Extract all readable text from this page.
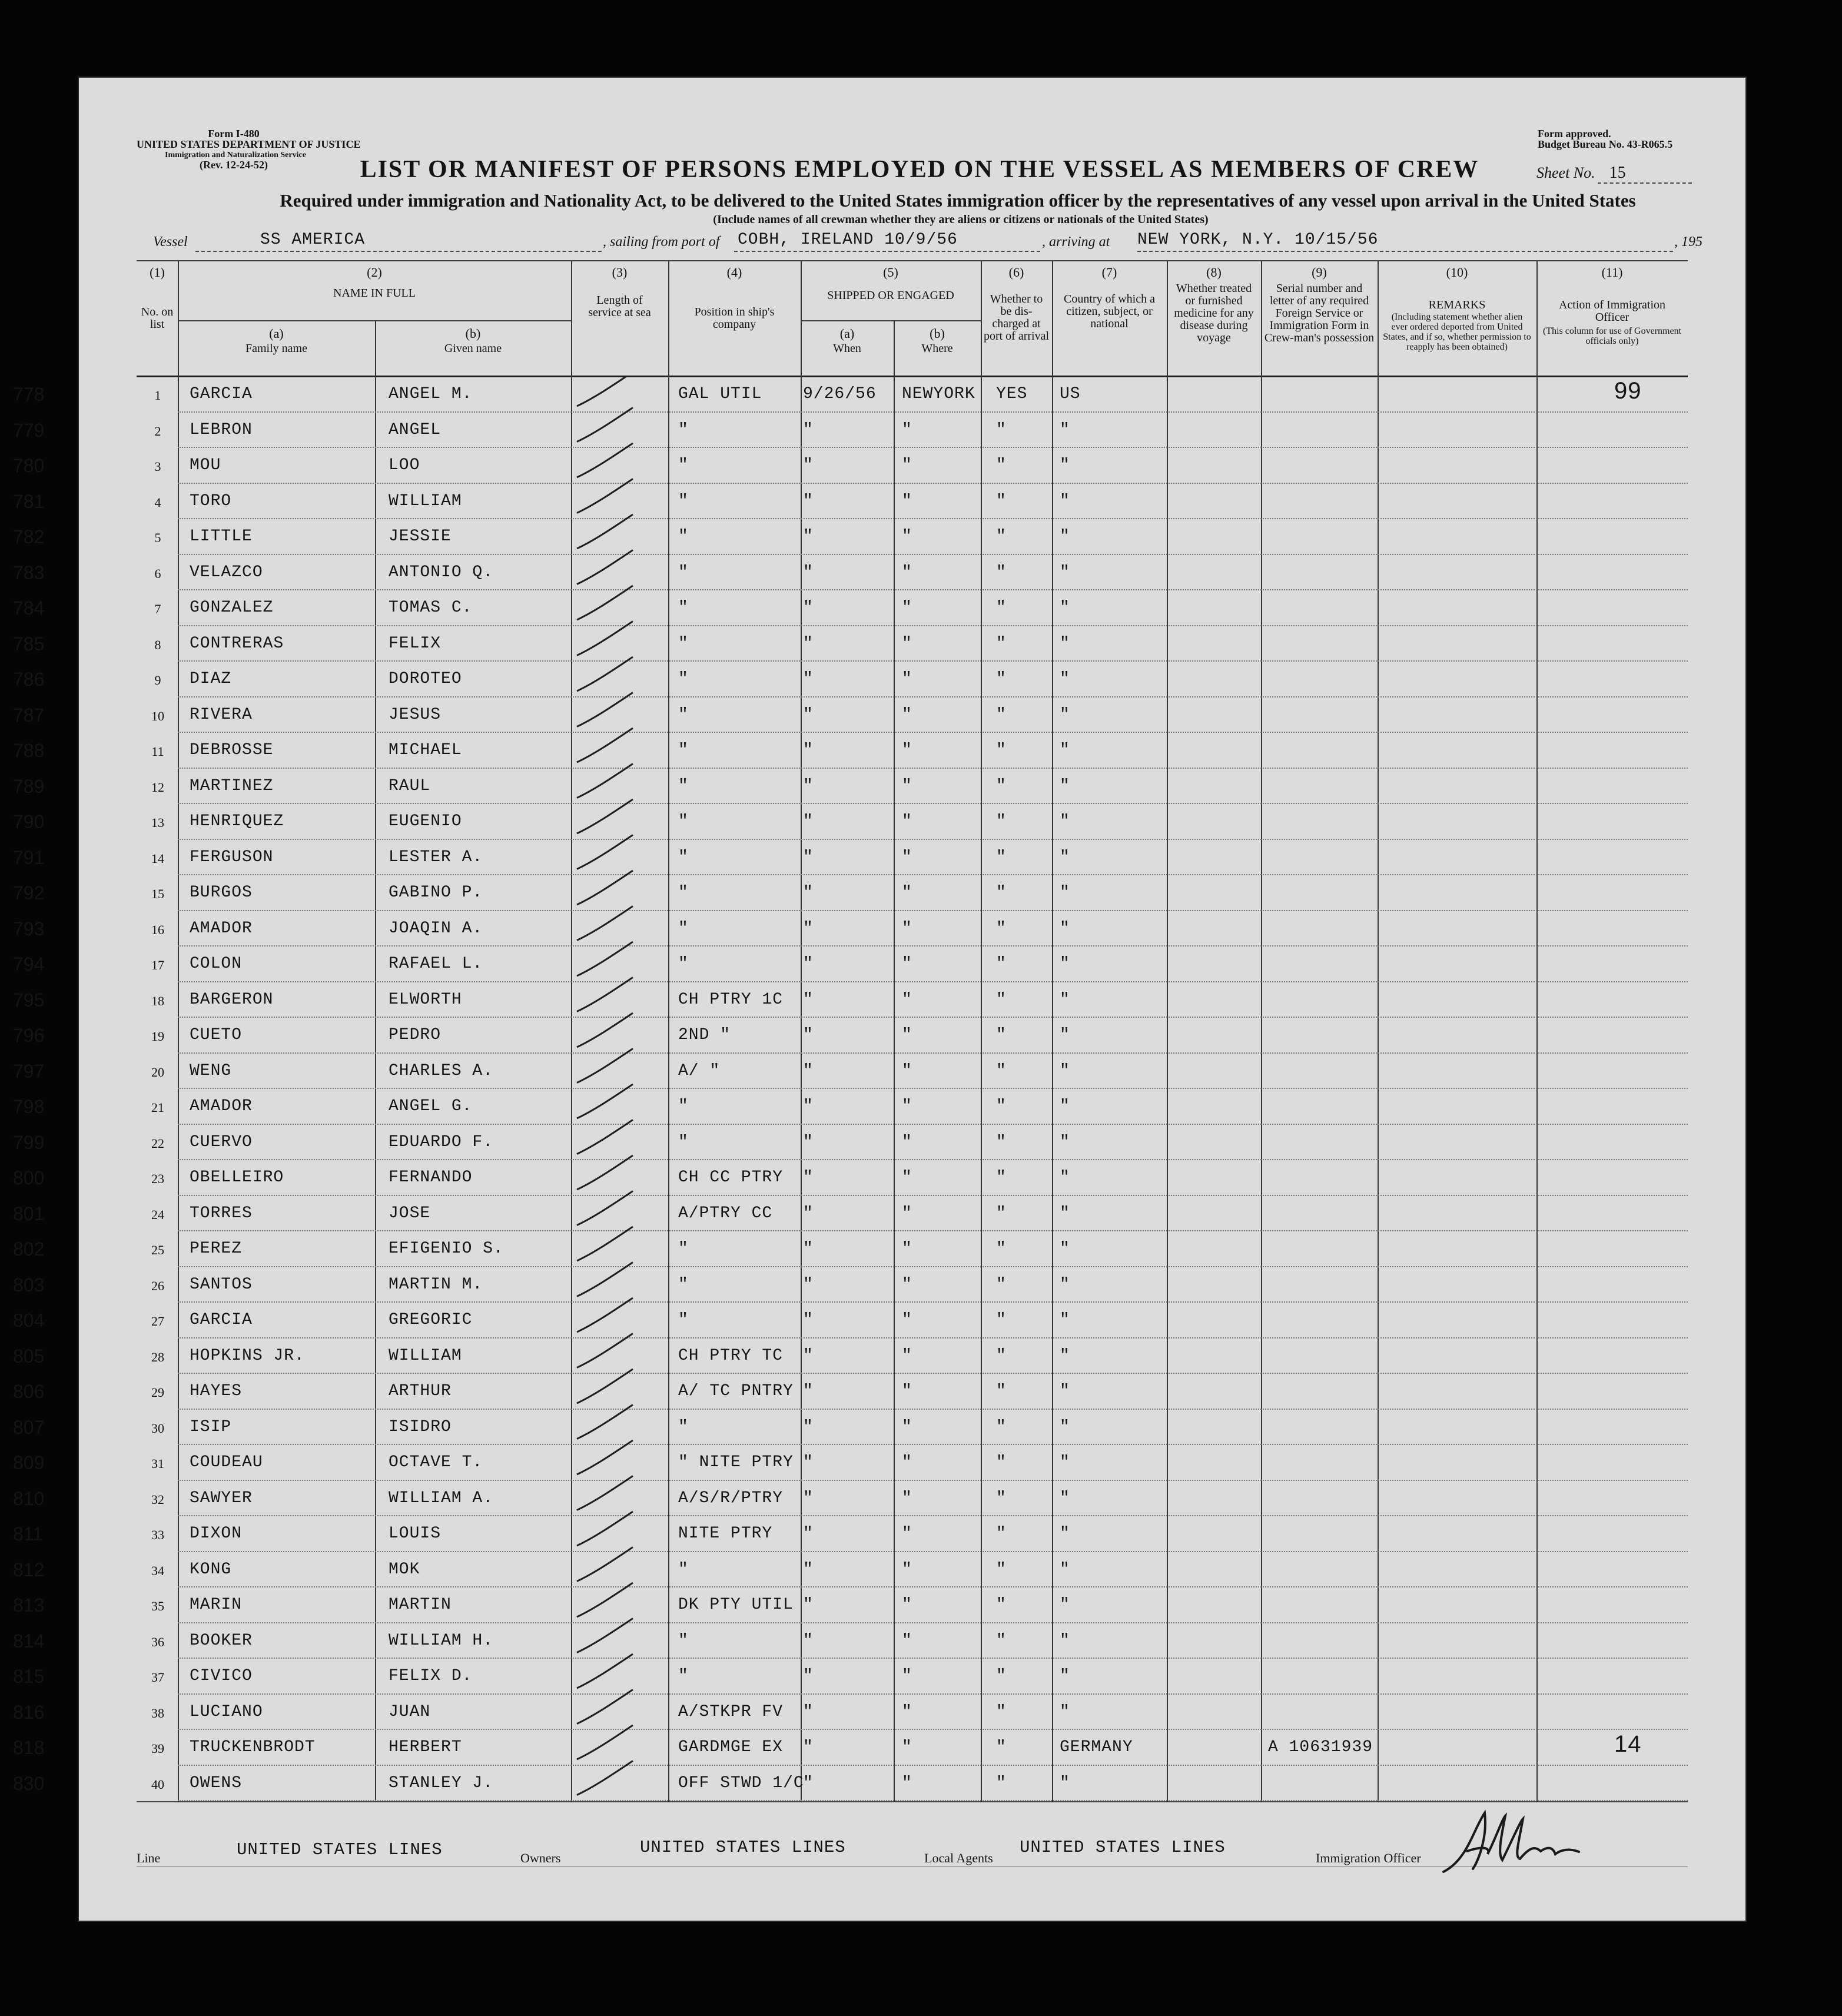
Form I-480
UNITED STATES DEPARTMENT OF JUSTICE
Immigration and Naturalization Service
(Rev. 12-24-52)
Form approved.
Budget Bureau No. 43-R065.5
Sheet No. 15
LIST OR MANIFEST OF PERSONS EMPLOYED ON THE VESSEL AS MEMBERS OF CREW
Required under immigration and Nationality Act, to be delivered to the United States immigration officer by the representatives of any vessel upon arrival in the United States
(Include names of all crewman whether they are aliens or citizens or nationals of the United States)
Vessel	SS AMERICA	, sailing from port of COBH, IRELAND 10/9/56	, arriving at NEW YORK, N.Y. 10/15/56	, 195
(1)
No. on list
(2)
NAME IN FULL
(a)
Family name
(b)
Given name
(3)
Length of service at sea
(4)
Position in ship's company
(5)
SHIPPED OR ENGAGED
(a)
When
(b)
Where
(6)
Whether to be dis-charged at port of arrival
(7)
Country of which a citizen, subject, or national
(8)
Whether treated or furnished medicine for any disease during voyage
(9)
Serial number and letter of any required Foreign Service or Immigration Form in Crew-man's possession
(10)
REMARKS
(Including statement whether alien ever ordered deported from United States, and if so, whether permission to reapply has been obtained)
(11)
Action of Immigration Officer
(This column for use of Government officials only)
778	1	GARCIA	ANGEL M.	GAL UTIL 9/26/56 NEWYORK YES US	99
779	2	LEBRON	ANGEL	"	"	"	"	"
780	3	MOU	LOO	"	"	"	"	"
781	4	TORO	WILLIAM	"	"	"	"	"
782	5	LITTLE	JESSIE	"	"	"	"	"
783	6	VELAZCO	ANTONIO Q.	"	"	"	"	"
784	7	GONZALEZ	TOMAS C.	"	"	"	"	"
785	8	CONTRERAS	FELIX	"	"	"	"	"
786	9	DIAZ	DOROTEO	"	"	"	"	"
787	10	RIVERA	JESUS	"	"	"	"	"
788	11	DEBROSSE	MICHAEL	"	"	"	"	"
789	12	MARTINEZ	RAUL	"	"	"	"	"
790	13	HENRIQUEZ	EUGENIO	"	"	"	"	"
791	14	FERGUSON	LESTER A.	"	"	"	"	"
792	15	BURGOS	GABINO P.	"	"	"	"	"
793	16	AMADOR	JOAQIN A.	"	"	"	"	"
794	17	COLON	RAFAEL L.	"	"	"	"	"
795	18	BARGERON	ELWORTH	CH PTRY 1C "	"	"	"
796	19	CUETO	PEDRO	2ND "	"	"	"	"
797	20	WENG	CHARLES A.	A/ "	"	"	"	"
798	21	AMADOR	ANGEL G.	"	"	"	"	"
799	22	CUERVO	EDUARDO F.	"	"	"	"	"
800	23	OBELLEIRO	FERNANDO	CH CC PTRY "	"	"	"
801	24	TORRES	JOSE	A/PTRY CC "	"	"	"
802	25	PEREZ	EFIGENIO S.	"	"	"	"	"
803	26	SANTOS	MARTIN M.	"	"	"	"	"
804	27	GARCIA	GREGORIC	"	"	"	"	"
805	28	HOPKINS JR.	WILLIAM	CH PTRY TC "	"	"	"
806	29	HAYES	ARTHUR	A/ TC PNTRY "	"	"	"
807	30	ISIP	ISIDRO	"	"	"	"	"
809	31	COUDEAU	OCTAVE T.	" NITE PTRY "	"	"	"
810	32	SAWYER	WILLIAM A.	A/S/R/PTRY "	"	"	"
811	33	DIXON	LOUIS	NITE PTRY "	"	"	"
812	34	KONG	MOK	"	"	"	"	"
813	35	MARIN	MARTIN	DK PTY UTIL "	"	"	"
814	36	BOOKER	WILLIAM H.	"	"	"	"	"
815	37	CIVICO	FELIX D.	"	"	"	"	"
816	38	LUCIANO	JUAN	A/STKPR FV "	"	"	"
818	39	TRUCKENBRODT	HERBERT	GARDMGE EX "	"	"	GERMANY	A 10631939	14
830	40	OWENS	STANLEY J.	OFF STWD 1/C
"	"	"	"
Line	UNITED STATES LINES	Owners
UNITED STATES LINES
Local Agents
UNITED STATES LINES
Immigration Officer
